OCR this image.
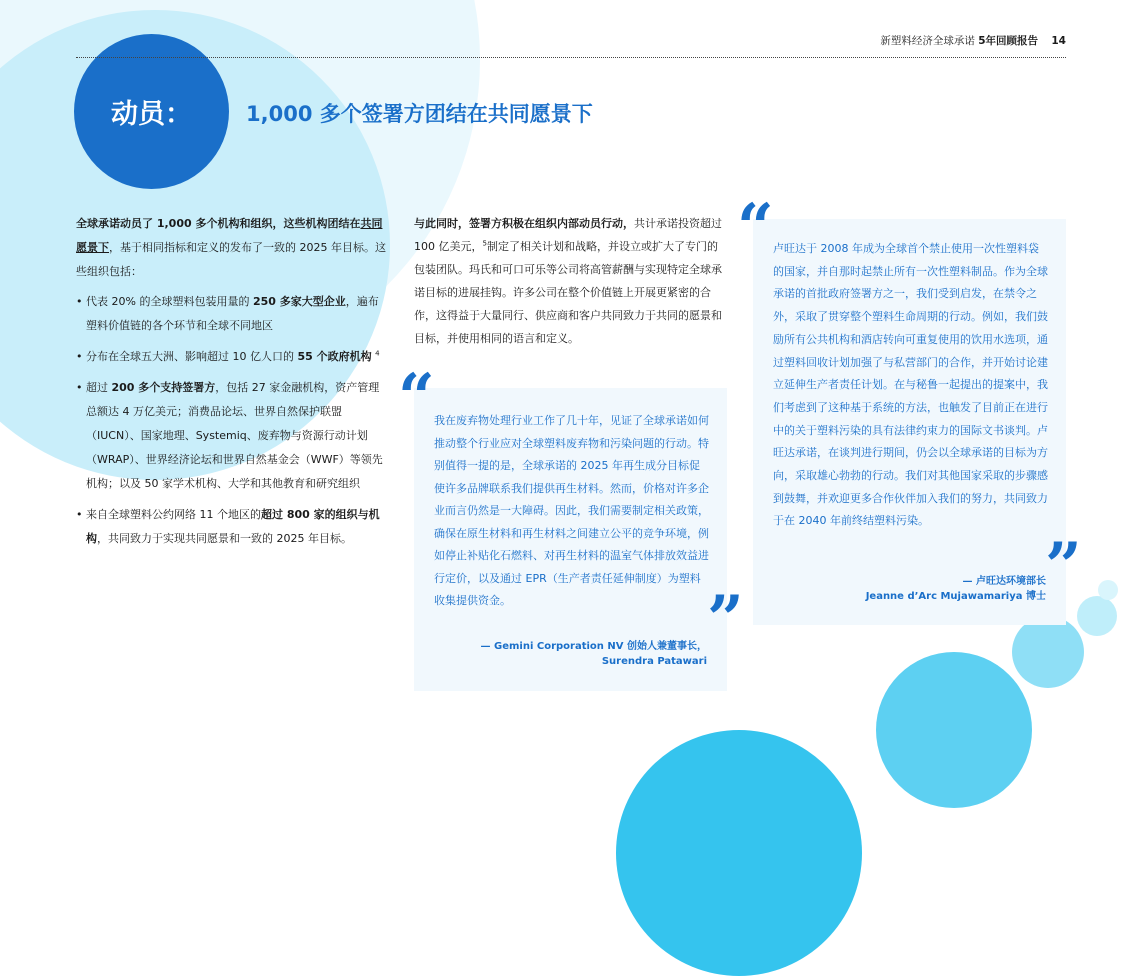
新塑料经济全球承诺 5年回顾报告 14
动员：	1,000 多个签署方团结在共同愿景下

全球承诺动员了 1,000 多个机构和组织，这些机构团结在共同愿景下，基于相同指标和定义的发布了一致的 2025 年目标。这些组织包括：

• 代表 20% 的全球塑料包装用量的 250 多家大型企业，遍布塑料价值链的各个环节和全球不同地区
• 分布在全球五大洲、影响超过 10 亿人口的 55 个政府机构 $^4$
• 超过 200 多个支持签署方，包括 27 家金融机构，资产管理总额达 4 万亿美元；消费品论坛、世界自然保护联盟（IUCN）、国家地理、Systemiq、废弃物与资源行动计划（WRAP）、世界经济论坛和世界自然基金会（WWF）等领先机构；以及 50 家学术机构、大学和其他教育和研究组织
• 来自全球塑料公约网络 11 个地区的超过 800 家的组织与机构，共同致力于实现共同愿景和一致的 2025 年目标。

与此同时，签署方积极在组织内部动员行动，共计承诺投资超过 100 亿美元，$^5$制定了相关计划和战略，并设立或扩大了专门的包装团队。玛氏和可口可乐等公司将高管薪酬与实现特定全球承诺目标的进展挂钩。许多公司在整个价值链上开展更紧密的合作，这得益于大量同行、供应商和客户共同致力于共同的愿景和目标，并使用相同的语言和定义。

我在废弃物处理行业工作了几十年，见证了全球承诺如何推动整个行业应对全球塑料废弃物和污染问题的行动。特别值得一提的是，全球承诺的 2025 年再生成分目标促使许多品牌联系我们提供再生材料。然而，价格对许多企业而言仍然是一大障碍。因此，我们需要制定相关政策，确保在原生材料和再生材料之间建立公平的竞争环境，例如停止补贴化石燃料、对再生材料的温室气体排放效益进行定价，以及通过 EPR（生产者责任延伸制度）为塑料收集提供资金。
— Gemini Corporation NV 创始人兼董事长，
Surendra Patawari
“
”
卢旺达于 2008 年成为全球首个禁止使用一次性塑料袋的国家，并自那时起禁止所有一次性塑料制品。作为全球承诺的首批政府签署方之一，我们受到启发，在禁令之外，采取了贯穿整个塑料生命周期的行动。例如，我们鼓励所有公共机构和酒店转向可重复使用的饮用水选项，通过塑料回收计划加强了与私营部门的合作，并开始讨论建立延伸生产者责任计划。在与秘鲁一起提出的提案中，我们考虑到了这种基于系统的方法，也触发了目前正在进行中的关于塑料污染的具有法律约束力的国际文书谈判。卢旺达承诺，在谈判进行期间，仍会以全球承诺的目标为方向，采取雄心勃勃的行动。我们对其他国家采取的步骤感到鼓舞，并欢迎更多合作伙伴加入我们的努力，共同致力于在 2040 年前终结塑料污染。
— 卢旺达环境部长
Jeanne d’Arc Mujawamariya 博士
“
”
